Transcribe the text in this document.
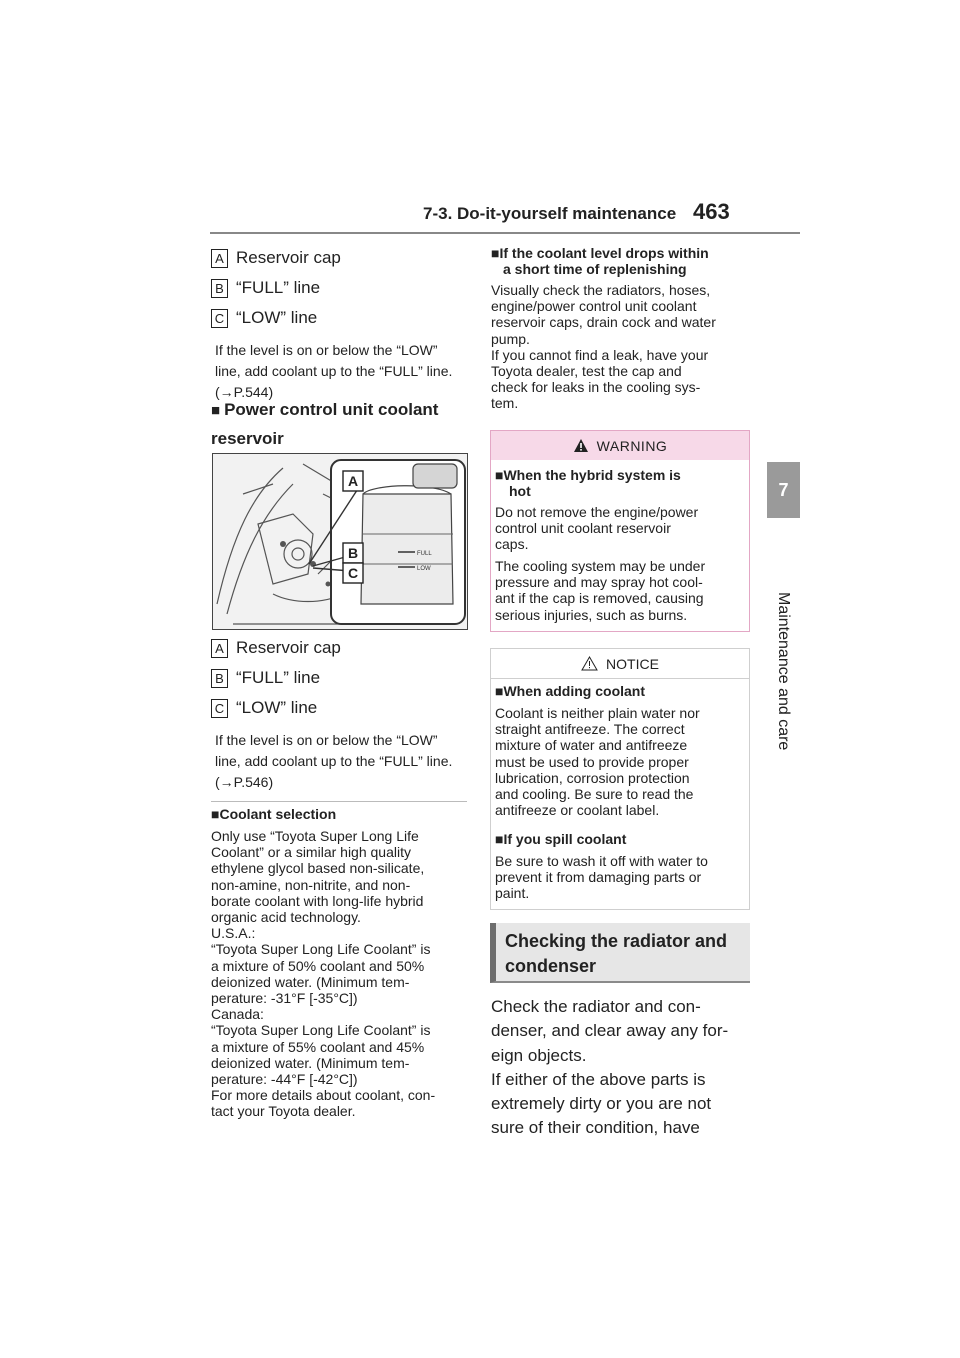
7-3. Do-it-yourself maintenance 463
7
Maintenance and care
A Reservoir cap
B “FULL” line
C “LOW” line
If the level is on or below the “LOW” line, add coolant up to the “FULL” line. (→P.544)
■ Power control unit coolant reservoir
FULL
LOW
A
B
C
A Reservoir cap
B “FULL” line
C “LOW” line
If the level is on or below the “LOW” line, add coolant up to the “FULL” line. (→P.546)
■Coolant selection
Only use “Toyota Super Long Life
Coolant” or a similar high quality
ethylene glycol based non-silicate,
non-amine, non-nitrite, and non-
borate coolant with long-life hybrid
organic acid technology.
U.S.A.:
“Toyota Super Long Life Coolant” is
a mixture of 50% coolant and 50%
deionized water. (Minimum tem-
perature: -31°F [-35°C])
Canada:
“Toyota Super Long Life Coolant” is
a mixture of 55% coolant and 45%
deionized water. (Minimum tem-
perature: -44°F [-42°C])
For more details about coolant, con-
tact your Toyota dealer.
■If the coolant level drops within
a short time of replenishing
Visually check the radiators, hoses,
engine/power control unit coolant
reservoir caps, drain cock and water
pump.
If you cannot find a leak, have your
Toyota dealer, test the cap and
check for leaks in the cooling sys-
tem.
WARNING
■When the hybrid system is
hot
Do not remove the engine/power
control unit coolant reservoir
caps.
The cooling system may be under
pressure and may spray hot cool-
ant if the cap is removed, causing
serious injuries, such as burns.
NOTICE
■When adding coolant
Coolant is neither plain water nor
straight antifreeze. The correct
mixture of water and antifreeze
must be used to provide proper
lubrication, corrosion protection
and cooling. Be sure to read the
antifreeze or coolant label.
■If you spill coolant
Be sure to wash it off with water to
prevent it from damaging parts or
paint.
Checking the radiator and
condenser
Check the radiator and con-
denser, and clear away any for-
eign objects.
If either of the above parts is
extremely dirty or you are not
sure of their condition, have
